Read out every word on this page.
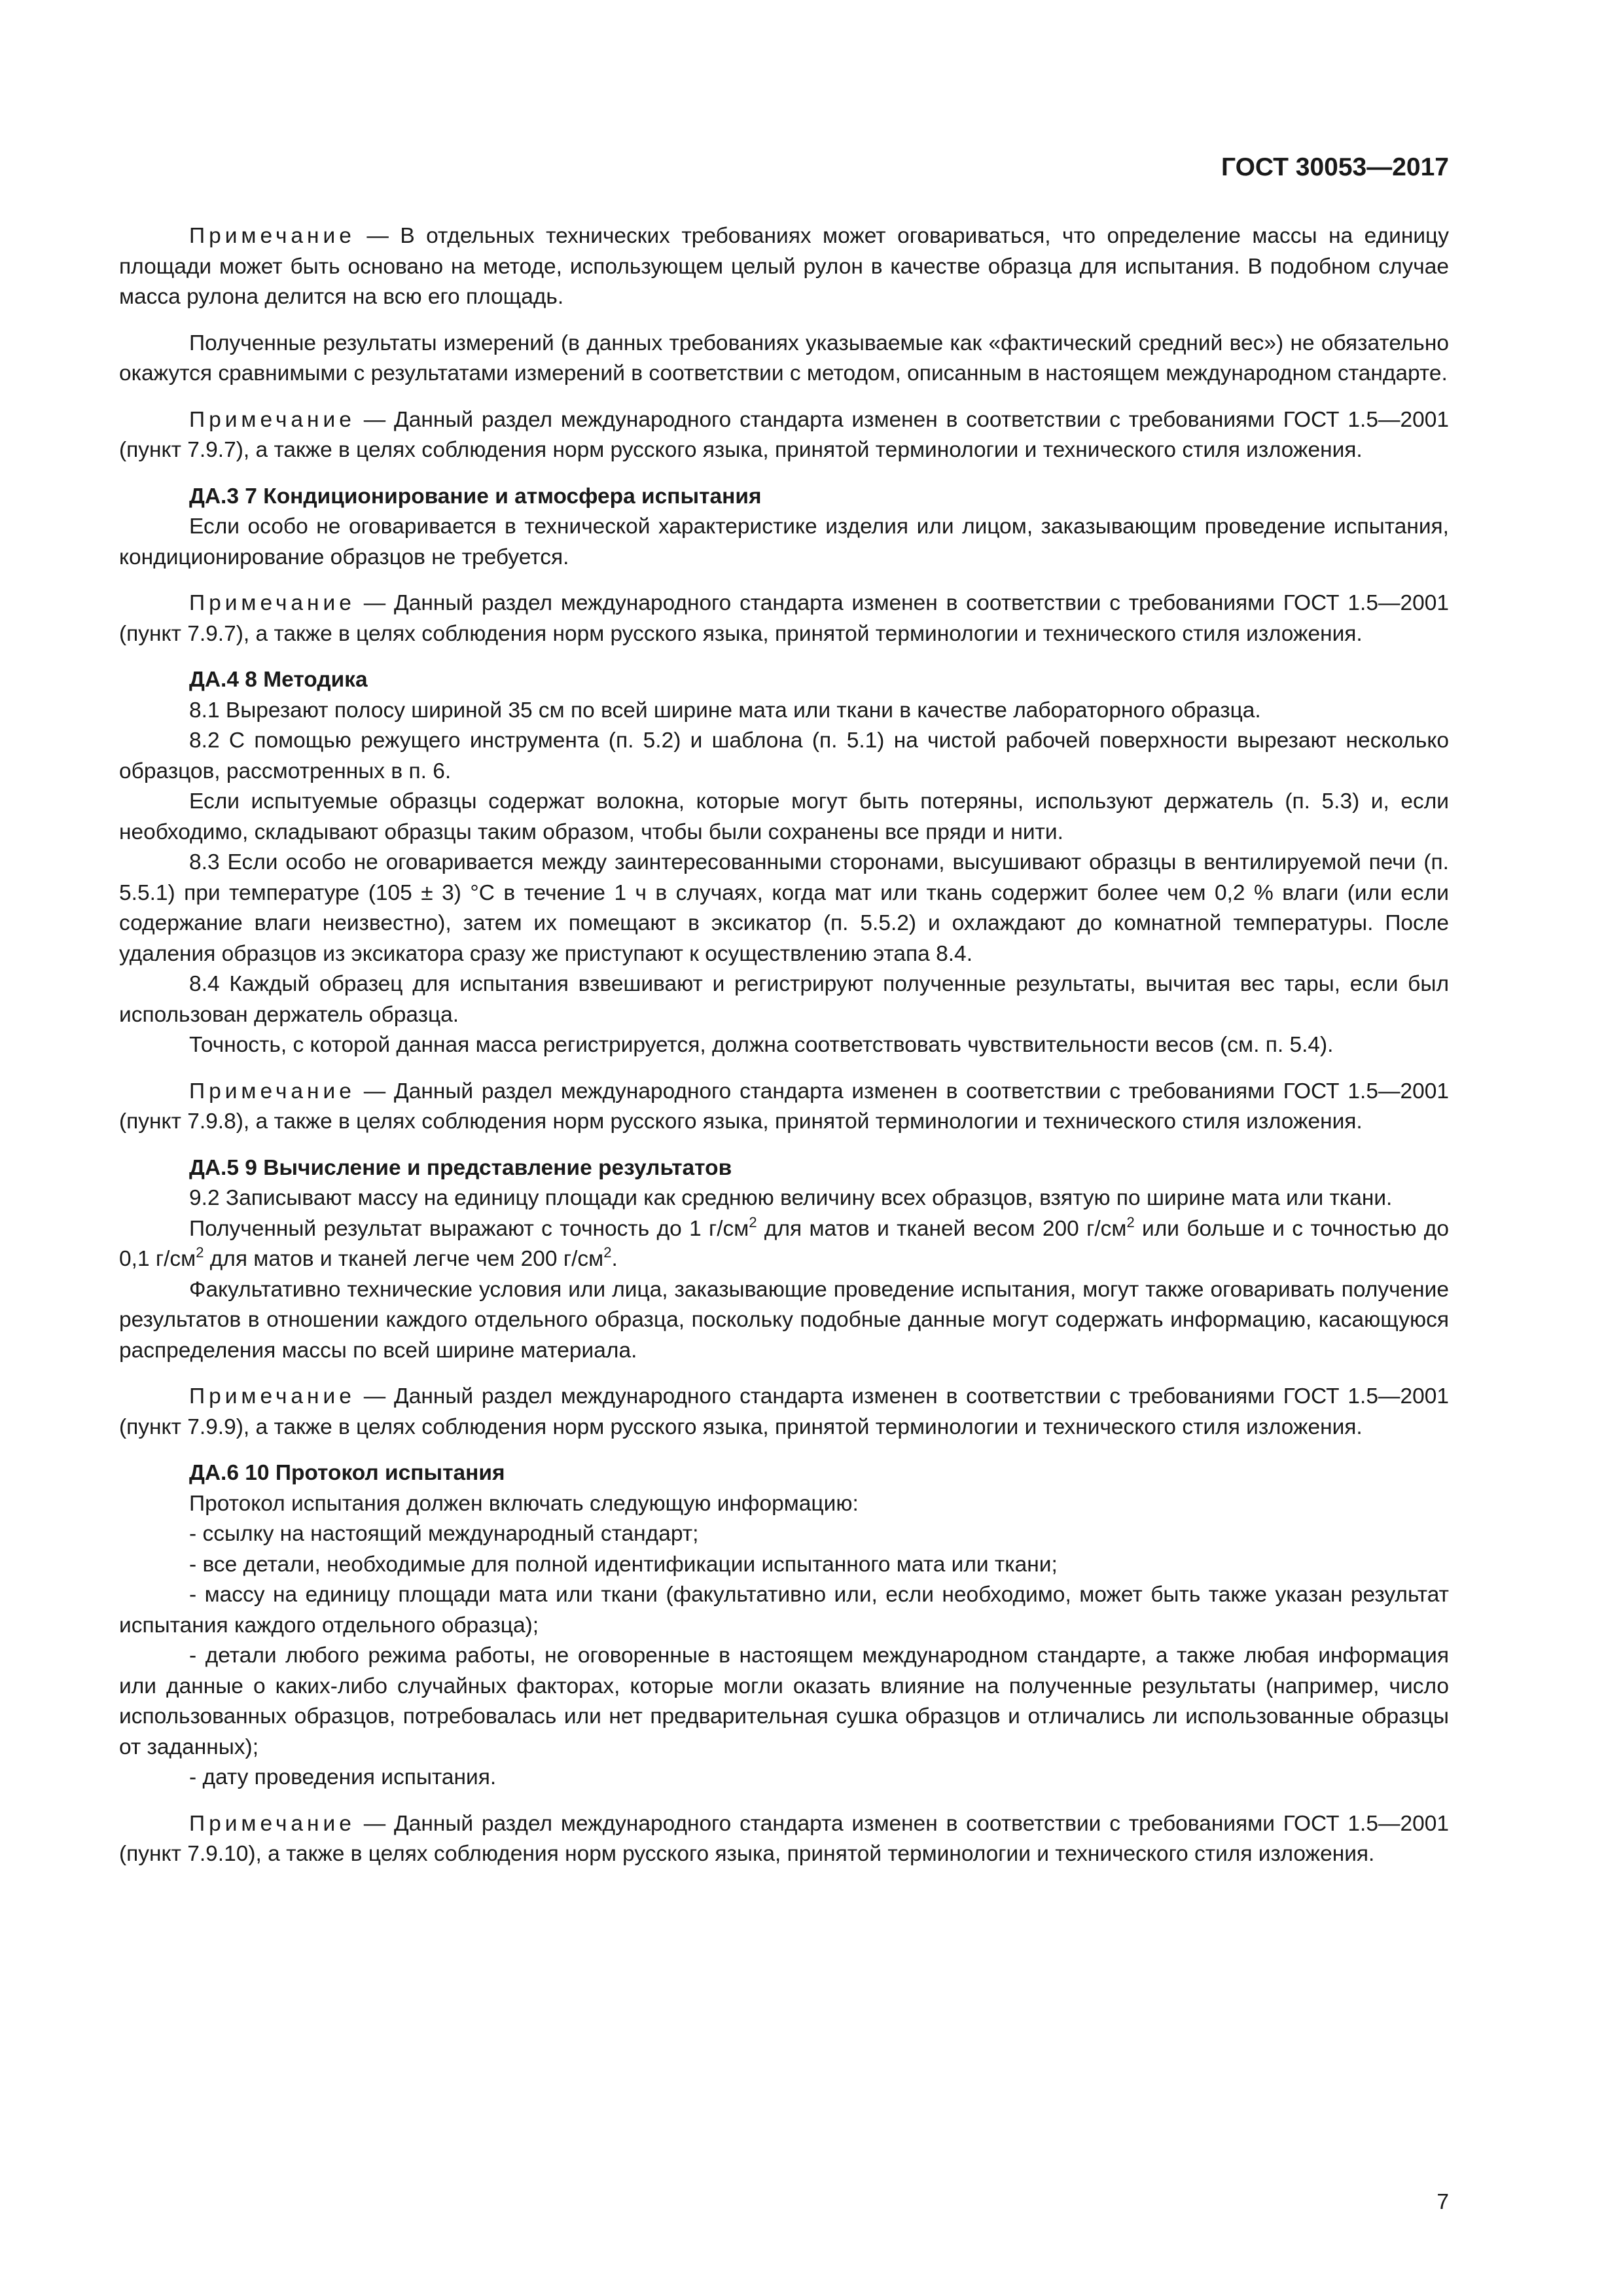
ГОСТ 30053—2017

Примечание — В отдельных технических требованиях может оговариваться, что определение массы на единицу площади может быть основано на методе, использующем целый рулон в качестве образца для испытания. В подобном случае масса рулона делится на всю его площадь.

Полученные результаты измерений (в данных требованиях указываемые как «фактический средний вес») не обязательно окажутся сравнимыми с результатами измерений в соответствии с методом, описанным в настоящем международном стандарте.

Примечание — Данный раздел международного стандарта изменен в соответствии с требованиями ГОСТ 1.5—2001 (пункт 7.9.7), а также в целях соблюдения норм русского языка, принятой терминологии и технического стиля изложения.

ДА.3 7 Кондиционирование и атмосфера испытания

Если особо не оговаривается в технической характеристике изделия или лицом, заказывающим проведение испытания, кондиционирование образцов не требуется.

Примечание — Данный раздел международного стандарта изменен в соответствии с требованиями ГОСТ 1.5—2001 (пункт 7.9.7), а также в целях соблюдения норм русского языка, принятой терминологии и технического стиля изложения.

ДА.4 8 Методика

8.1 Вырезают полосу шириной 35 см по всей ширине мата или ткани в качестве лабораторного образца.

8.2 С помощью режущего инструмента (п. 5.2) и шаблона (п. 5.1) на чистой рабочей поверхности вырезают несколько образцов, рассмотренных в п. 6.

Если испытуемые образцы содержат волокна, которые могут быть потеряны, используют держатель (п. 5.3) и, если необходимо, складывают образцы таким образом, чтобы были сохранены все пряди и нити.

8.3 Если особо не оговаривается между заинтересованными сторонами, высушивают образцы в вентилируемой печи (п. 5.5.1) при температуре (105 ± 3) °С в течение 1 ч в случаях, когда мат или ткань содержит более чем 0,2 % влаги (или если содержание влаги неизвестно), затем их помещают в эксикатор (п. 5.5.2) и охлаждают до комнатной температуры. После удаления образцов из эксикатора сразу же приступают к осуществлению этапа 8.4.

8.4 Каждый образец для испытания взвешивают и регистрируют полученные результаты, вычитая вес тары, если был использован держатель образца.

Точность, с которой данная масса регистрируется, должна соответствовать чувствительности весов (см. п. 5.4).

Примечание — Данный раздел международного стандарта изменен в соответствии с требованиями ГОСТ 1.5—2001 (пункт 7.9.8), а также в целях соблюдения норм русского языка, принятой терминологии и технического стиля изложения.

ДА.5 9 Вычисление и представление результатов

9.2 Записывают массу на единицу площади как среднюю величину всех образцов, взятую по ширине мата или ткани.

Полученный результат выражают с точность до 1 $г/см^2$ для матов и тканей весом 200 $г/см^2$ или больше и с точностью до 0,1 $г/см^2$ для матов и тканей легче чем 200 $г/см^2$.

Факультативно технические условия или лица, заказывающие проведение испытания, могут также оговаривать получение результатов в отношении каждого отдельного образца, поскольку подобные данные могут содержать информацию, касающуюся распределения массы по всей ширине материала.

Примечание — Данный раздел международного стандарта изменен в соответствии с требованиями ГОСТ 1.5—2001 (пункт 7.9.9), а также в целях соблюдения норм русского языка, принятой терминологии и технического стиля изложения.

ДА.6 10 Протокол испытания

Протокол испытания должен включать следующую информацию:

- ссылку на настоящий международный стандарт;

- все детали, необходимые для полной идентификации испытанного мата или ткани;

- массу на единицу площади мата или ткани (факультативно или, если необходимо, может быть также указан результат испытания каждого отдельного образца);

- детали любого режима работы, не оговоренные в настоящем международном стандарте, а также любая информация или данные о каких-либо случайных факторах, которые могли оказать влияние на полученные результаты (например, число использованных образцов, потребовалась или нет предварительная сушка образцов и отличались ли использованные образцы от заданных);

- дату проведения испытания.

Примечание — Данный раздел международного стандарта изменен в соответствии с требованиями ГОСТ 1.5—2001 (пункт 7.9.10), а также в целях соблюдения норм русского языка, принятой терминологии и технического стиля изложения.

7
